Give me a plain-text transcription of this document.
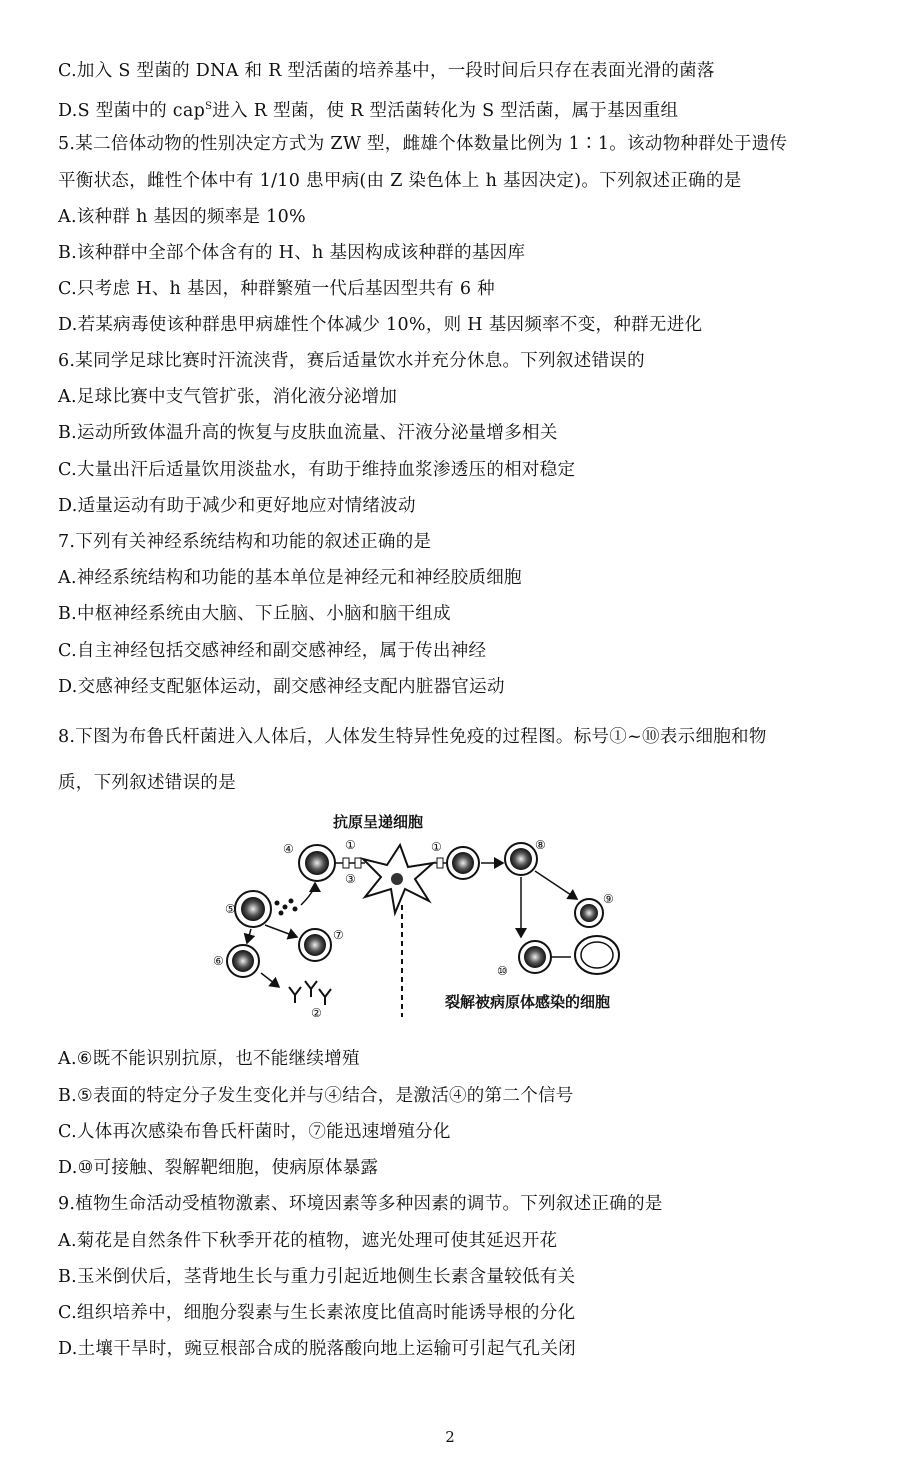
C.加入 S 型菌的 DNA 和 R 型活菌的培养基中，一段时间后只存在表面光滑的菌落
D.S 型菌中的 cap$^S$进入 R 型菌，使 R 型活菌转化为 S 型活菌，属于基因重组
5.某二倍体动物的性别决定方式为 ZW 型，雌雄个体数量比例为 1∶1。该动物种群处于遗传
平衡状态，雌性个体中有 1/10 患甲病(由 Z 染色体上 h 基因决定)。下列叙述正确的是
A.该种群 h 基因的频率是 10%
B.该种群中全部个体含有的 H、h 基因构成该种群的基因库
C.只考虑 H、h 基因，种群繁殖一代后基因型共有 6 种
D.若某病毒使该种群患甲病雄性个体减少 10%，则 H 基因频率不变，种群无进化
6.某同学足球比赛时汗流浃背，赛后适量饮水并充分休息。下列叙述错误的
A.足球比赛中支气管扩张，消化液分泌增加
B.运动所致体温升高的恢复与皮肤血流量、汗液分泌量增多相关
C.大量出汗后适量饮用淡盐水，有助于维持血浆渗透压的相对稳定
D.适量运动有助于减少和更好地应对情绪波动
7.下列有关神经系统结构和功能的叙述正确的是
A.神经系统结构和功能的基本单位是神经元和神经胶质细胞
B.中枢神经系统由大脑、下丘脑、小脑和脑干组成
C.自主神经包括交感神经和副交感神经，属于传出神经
D.交感神经支配躯体运动，副交感神经支配内脏器官运动
8.下图为布鲁氏杆菌进入人体后，人体发生特异性免疫的过程图。标号①~⑩表示细胞和物
质，下列叙述错误的是
抗原呈递细胞
裂解被病原体感染的细胞
①	①
②
③
④
⑤
⑥
⑦
⑧
⑨
⑩
A.⑥既不能识别抗原，也不能继续增殖
B.⑤表面的特定分子发生变化并与④结合，是激活④的第二个信号
C.人体再次感染布鲁氏杆菌时，⑦能迅速增殖分化
D.⑩可接触、裂解靶细胞，使病原体暴露
9.植物生命活动受植物激素、环境因素等多种因素的调节。下列叙述正确的是
A.菊花是自然条件下秋季开花的植物，遮光处理可使其延迟开花
B.玉米倒伏后，茎背地生长与重力引起近地侧生长素含量较低有关
C.组织培养中，细胞分裂素与生长素浓度比值高时能诱导根的分化
D.土壤干旱时，豌豆根部合成的脱落酸向地上运输可引起气孔关闭
2
